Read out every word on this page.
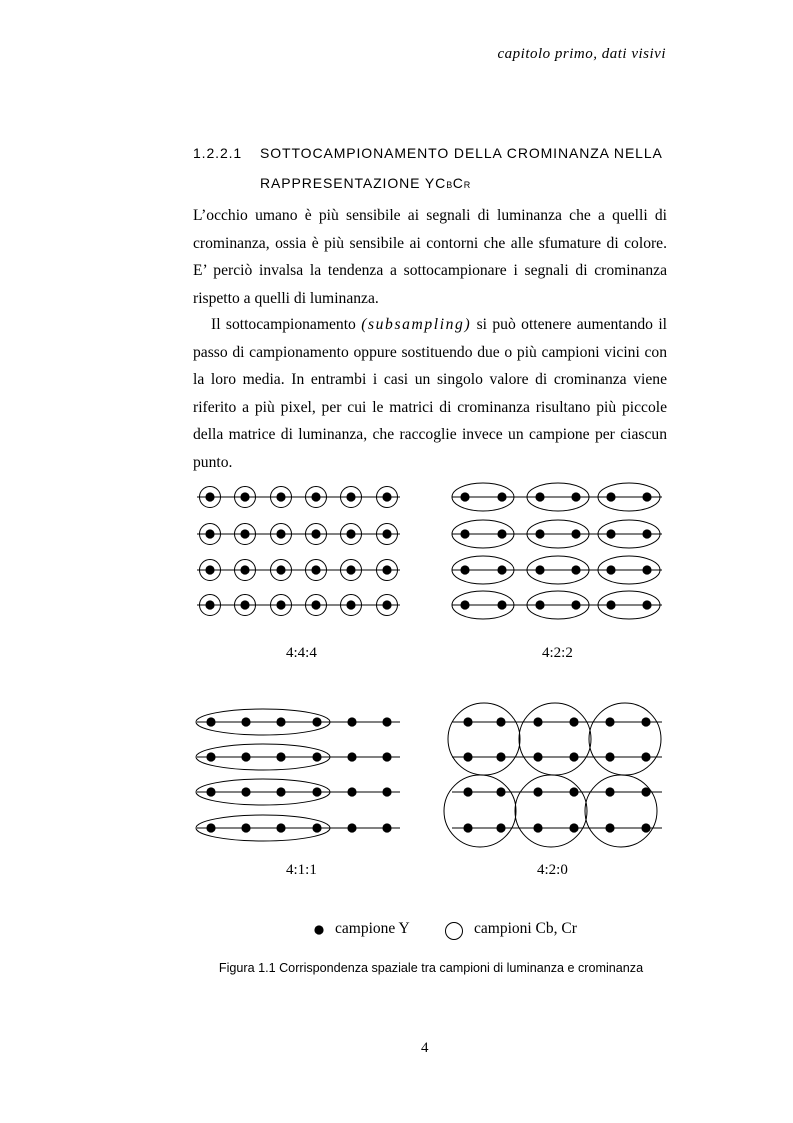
capitolo primo, dati visivi
1.2.2.1 SOTTOCAMPIONAMENTO DELLA CROMINANZA NELLA
RAPPRESENTAZIONE YCBCR

L’occhio umano è più sensibile ai segnali di luminanza che a quelli di crominanza, ossia è più sensibile ai contorni che alle sfumature di colore. E’ perciò invalsa la tendenza a sottocampionare i segnali di crominanza rispetto a quelli di luminanza.

Il sottocampionamento (subsampling) si può ottenere aumentando il passo di campionamento oppure sostituendo due o più campioni vicini con la loro media. In entrambi i casi un singolo valore di crominanza viene riferito a più pixel, per cui le matrici di crominanza risultano più piccole della matrice di luminanza, che raccoglie invece un campione per ciascun punto.

4:4:4	4:2:2
4:1:1	4:2:0
campione Y	campioni Cb, Cr
Figura 1.1 Corrispondenza spaziale tra campioni di luminanza e crominanza
4
